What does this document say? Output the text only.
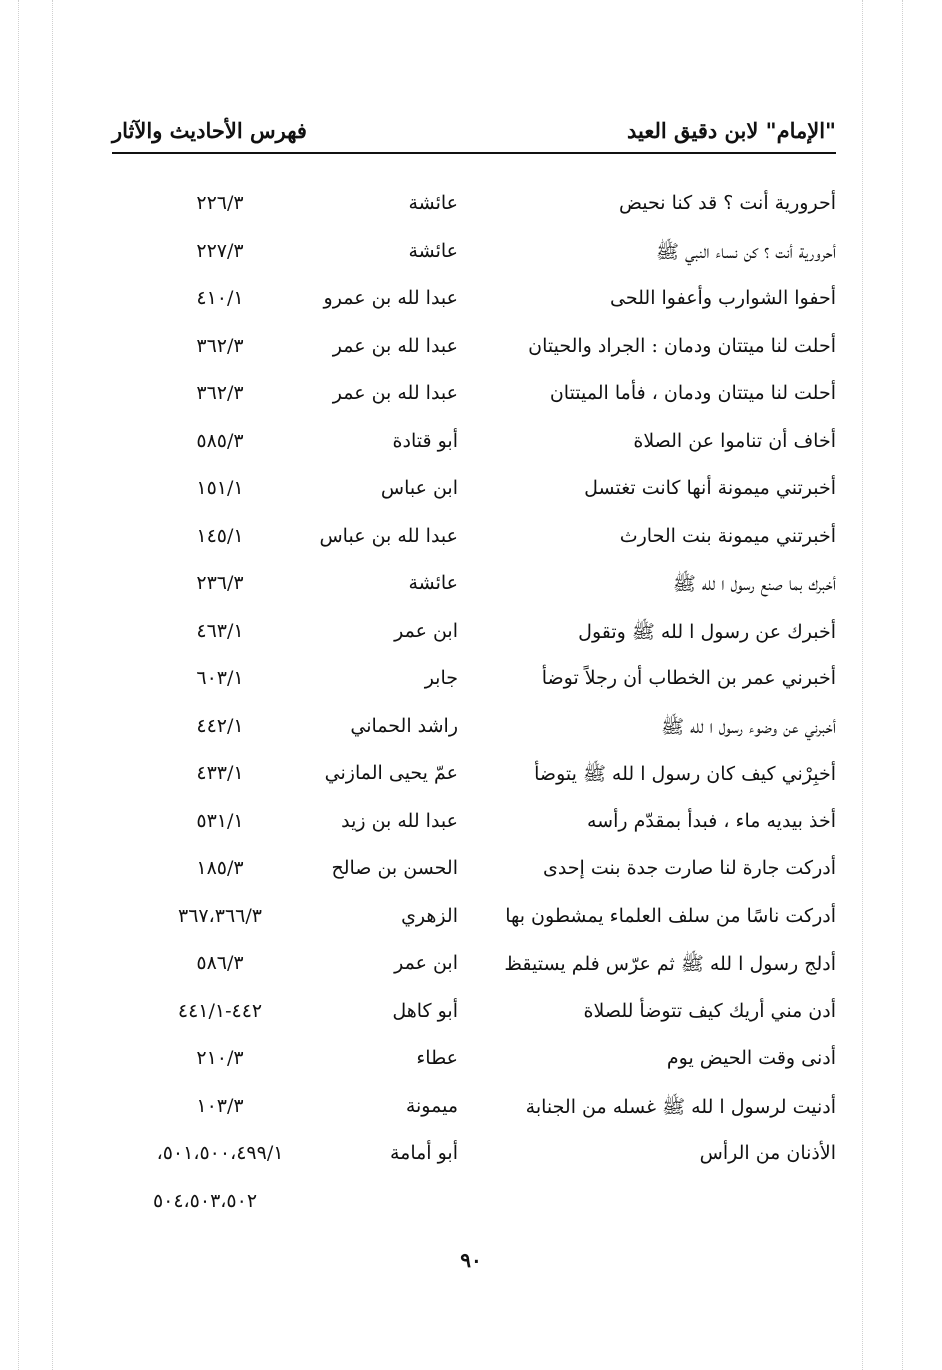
"الإمام" لابن دقيق العيد
فهرس الأحاديث والآثار
أحرورية أنت ؟ قد كنا نحيض
عائشة
٢٢٦/٣
أحرورية أنت ؟ كن نساء النبي ﷺ
عائشة
٢٢٧/٣
أحفوا الشوارب وأعفوا اللحى
عبدا لله بن عمرو
٤١٠/١
أحلت لنا ميتتان ودمان : الجراد والحيتان
عبدا لله بن عمر
٣٦٢/٣
أحلت لنا ميتتان ودمان ، فأما الميتتان
عبدا لله بن عمر
٣٦٢/٣
أخاف أن تناموا عن الصلاة
أبو قتادة
٥٨٥/٣
أخبرتني ميمونة أنها كانت تغتسل
ابن عباس
١٥١/١
أخبرتني ميمونة بنت الحارث
عبدا لله بن عباس
١٤٥/١
أخبرك بما صنع رسول ا لله ﷺ
عائشة
٢٣٦/٣
أخبرك عن رسول ا لله ﷺ وتقول
ابن عمر
٤٦٣/١
أخبرني عمر بن الخطاب أن رجلاً توضأ
جابر
٦٠٣/١
أخبرني عن وضوء رسول ا لله ﷺ
راشد الحماني
٤٤٢/١
أخبِرْني كيف كان رسول ا لله ﷺ يتوضأ
عمّ يحيى المازني
٤٣٣/١
أخذ بيديه ماء ، فبدأ بمقدّم رأسه
عبدا لله بن زيد
٥٣١/١
أدركت جارة لنا صارت جدة بنت إحدى
الحسن بن صالح
١٨٥/٣
أدركت ناسًا من سلف العلماء يمشطون بها
الزهري
٣٦٧،٣٦٦/٣
أدلج رسول ا لله ﷺ ثم عرّس فلم يستيقظ
ابن عمر
٥٨٦/٣
أدن مني أريك كيف تتوضأ للصلاة
أبو كاهل
٤٤٢-٤٤١/١
أدنى وقت الحيض يوم
عطاء
٢١٠/٣
أدنيت لرسول ا لله ﷺ غسله من الجنابة
ميمونة
١٠٣/٣
الأذنان من الرأس
أبو أمامة
،٥٠١،٥٠٠،٤٩٩/١
٥٠٤،٥٠٣،٥٠٢
٩٠
